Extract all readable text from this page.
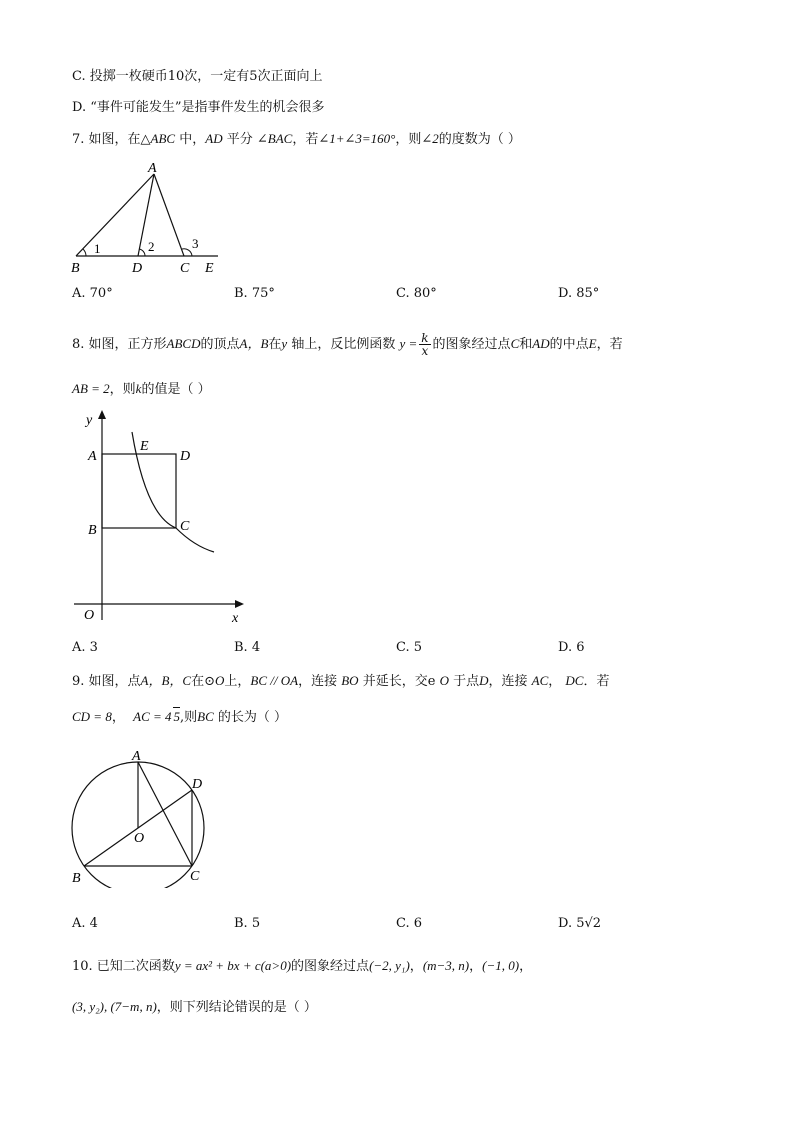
C. 投掷一枚硬币10次，一定有5次正面向上
D. “事件可能发生”是指事件发生的机会很多
7. 如图，在△ABC 中，AD 平分 ∠BAC，若∠1+∠3=160°，则∠2的度数为（ ）
A
B	D	C E
1	2	3
A. 70°	B. 75°	C. 80°	D. 85°
8. 如图，正方形ABCD的顶点A，B在y 轴上，反比例函数 $y = \frac{k}{x}$ 的图象经过点C和AD的中点E，若
AB = 2，则k的值是（ ）
y
x
O
A
B	C
D
E
A. 3	B. 4	C. 5	D. 6
9. 如图，点A，B，C在⊙O上，BC // OA，连接 BO 并延长，交e O 于点D，连接 AC， DC．若
CD = 8， AC = 4 5,则BC 的长为（ ）
A
B	C
D
O
A. 4	B. 5	C. 6	D. 5√2
10. 已知二次函数y = ax² + bx + c(a>0)的图象经过点(−2, y₁)，(m−3, n)，(−1, 0)，
(3, y₂), (7−m, n)，则下列结论错误的是（ ）
